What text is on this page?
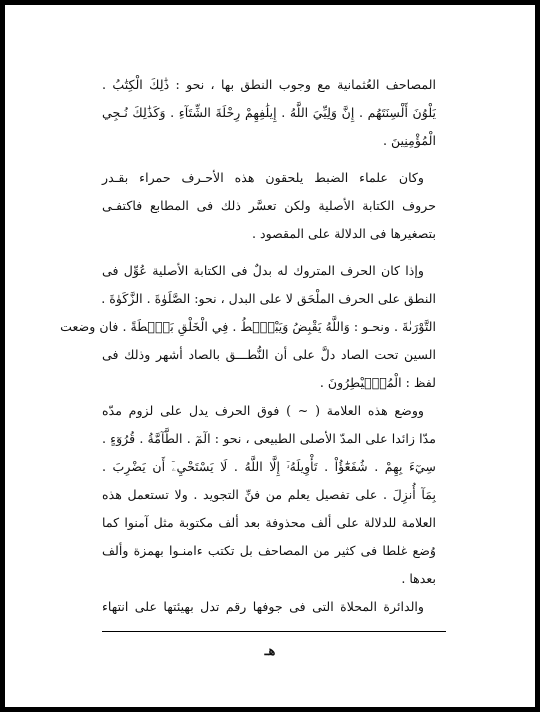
المصاحف العُثمانية مع وجوب النطق بها ، نحو : ذَٰلِكَ الْكِتَٰبُ .
يَلْوُنَ أَلْسِنَتَهُم . إِنَّ وَلِيِّيَ اللَّهُ . إِيلَٰفِهِمْ رِحْلَةَ الشِّتَآءِ . وَكَذَٰلِكَ نُـجِي
الْمُؤْمِنِينَ .
وكان علماء الضبط يلحقون هذه الأحـرف حمراء بقـدر
حروف الكتابة الأصلية ولكن تعسَّر ذلك فى المطابع فاكتفـى
بتصغيرها فى الدلالة على المقصود .
وإذا كان الحرف المتروك له بدلٌ فى الكتابة الأصلية عُوِّل فى
النطق على الحرف الملْحَق لا على البدل ، نحو: الصَّلَوٰةَ . الزَّكَوٰةَ .
التَّوْرَىٰةَ . ونحـو : وَاللَّهُ يَقْبِضُ وَيَبْصُۜطُ . فِي الْخَلْقِ بَصْۜطَةً . فان وضعت
السين تحت الصاد دلَّ على أن النُّطـــق بالصاد أشهر وذلك فى
لفظ : الْمُصَۜيْطِرُونَ .
ووضع هذه العلامة ( ~ ) فوق الحرف يدل على لزوم مدّه
مدّا زائدا على المدّ الأصلى الطبيعى ، نحو : الٓمٓ . الطَّآمَّةُ . قُرُوٓءٍ .
سِيٓءَ بِهِمْ . شُفَعَٰٓؤُاْ . تَأْوِيلَهُۥٓ إِلَّا اللَّهُ . لَا يَسْتَحْيِۦٓ أَن يَضْرِبَ .
بِمَآ أُنزِلَ . على تفصيل يعلم من فنِّ التجويد . ولا تستعمل هذه
العلامة للدلالة على ألف محذوفة بعد ألف مكتوبة مثل آمنوا كما
وُضع غلطا فى كثير من المصاحف بل تكتب ءامنـوا بهمزة وألف
بعدها .
والدائرة المحلاة التى فى جوفها رقم تدل بهيئتها على انتهاء
هـ
